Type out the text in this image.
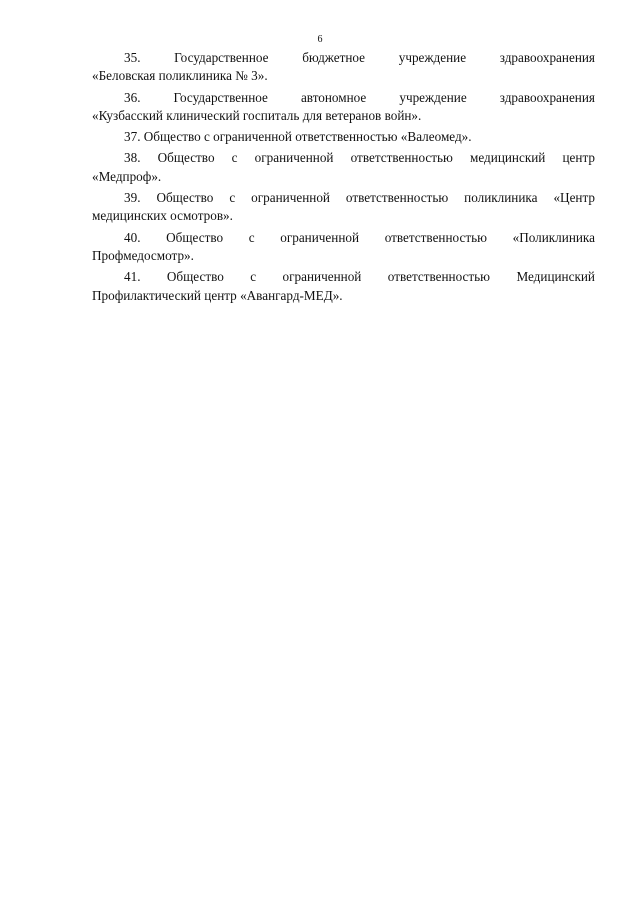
6
35. Государственное бюджетное учреждение здравоохранения
«Беловская поликлиника № 3».
36. Государственное автономное учреждение здравоохранения
«Кузбасский клинический госпиталь для ветеранов войн».
37. Общество с ограниченной ответственностью «Валеомед».
38. Общество с ограниченной ответственностью медицинский центр
«Медпроф».
39. Общество с ограниченной ответственностью поликлиника «Центр
медицинских осмотров».
40. Общество с ограниченной ответственностью «Поликлиника
Профмедосмотр».
41. Общество с ограниченной ответственностью Медицинский
Профилактический центр «Авангард-МЕД».
